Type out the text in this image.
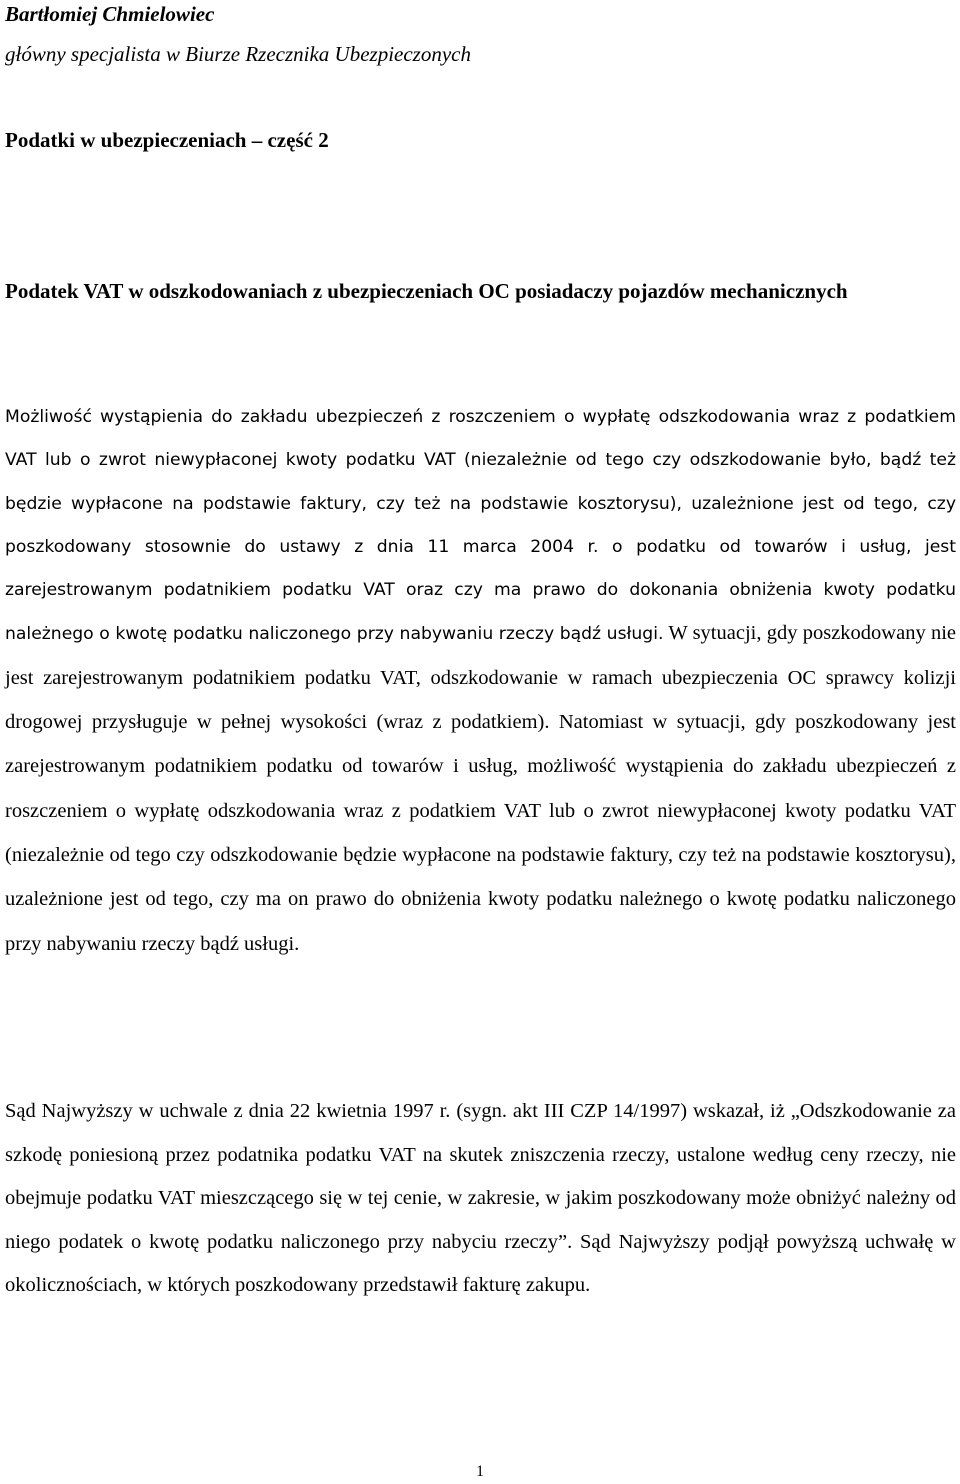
Bartłomiej Chmielowiec
główny specjalista w Biurze Rzecznika Ubezpieczonych
Podatki w ubezpieczeniach – część 2

Podatek VAT w odszkodowaniach z ubezpieczeniach OC posiadaczy pojazdów mechanicznych

Możliwość wystąpienia do zakładu ubezpieczeń z roszczeniem o wypłatę odszkodowania wraz z podatkiem VAT lub o zwrot niewypłaconej kwoty podatku VAT (niezależnie od tego czy odszkodowanie było, bądź też będzie wypłacone na podstawie faktury, czy też na podstawie kosztorysu), uzależnione jest od tego, czy poszkodowany stosownie do ustawy z dnia 11 marca 2004 r. o podatku od towarów i usług, jest zarejestrowanym podatnikiem podatku VAT oraz czy ma prawo do dokonania obniżenia kwoty podatku należnego o kwotę podatku naliczonego przy nabywaniu rzeczy bądź usługi. W sytuacji, gdy poszkodowany nie jest zarejestrowanym podatnikiem podatku VAT, odszkodowanie w ramach ubezpieczenia OC sprawcy kolizji drogowej przysługuje w pełnej wysokości (wraz z podatkiem). Natomiast w sytuacji, gdy poszkodowany jest zarejestrowanym podatnikiem podatku od towarów i usług, możliwość wystąpienia do zakładu ubezpieczeń z roszczeniem o wypłatę odszkodowania wraz z podatkiem VAT lub o zwrot niewypłaconej kwoty podatku VAT (niezależnie od tego czy odszkodowanie będzie wypłacone na podstawie faktury, czy też na podstawie kosztorysu), uzależnione jest od tego, czy ma on prawo do obniżenia kwoty podatku należnego o kwotę podatku naliczonego przy nabywaniu rzeczy bądź usługi.

Sąd Najwyższy w uchwale z dnia 22 kwietnia 1997 r. (sygn. akt III CZP 14/1997) wskazał, iż „Odszkodowanie za szkodę poniesioną przez podatnika podatku VAT na skutek zniszczenia rzeczy, ustalone według ceny rzeczy, nie obejmuje podatku VAT mieszczącego się w tej cenie, w zakresie, w jakim poszkodowany może obniżyć należny od niego podatek o kwotę podatku naliczonego przy nabyciu rzeczy”. Sąd Najwyższy podjął powyższą uchwałę w okolicznościach, w których poszkodowany przedstawił fakturę zakupu.

1
